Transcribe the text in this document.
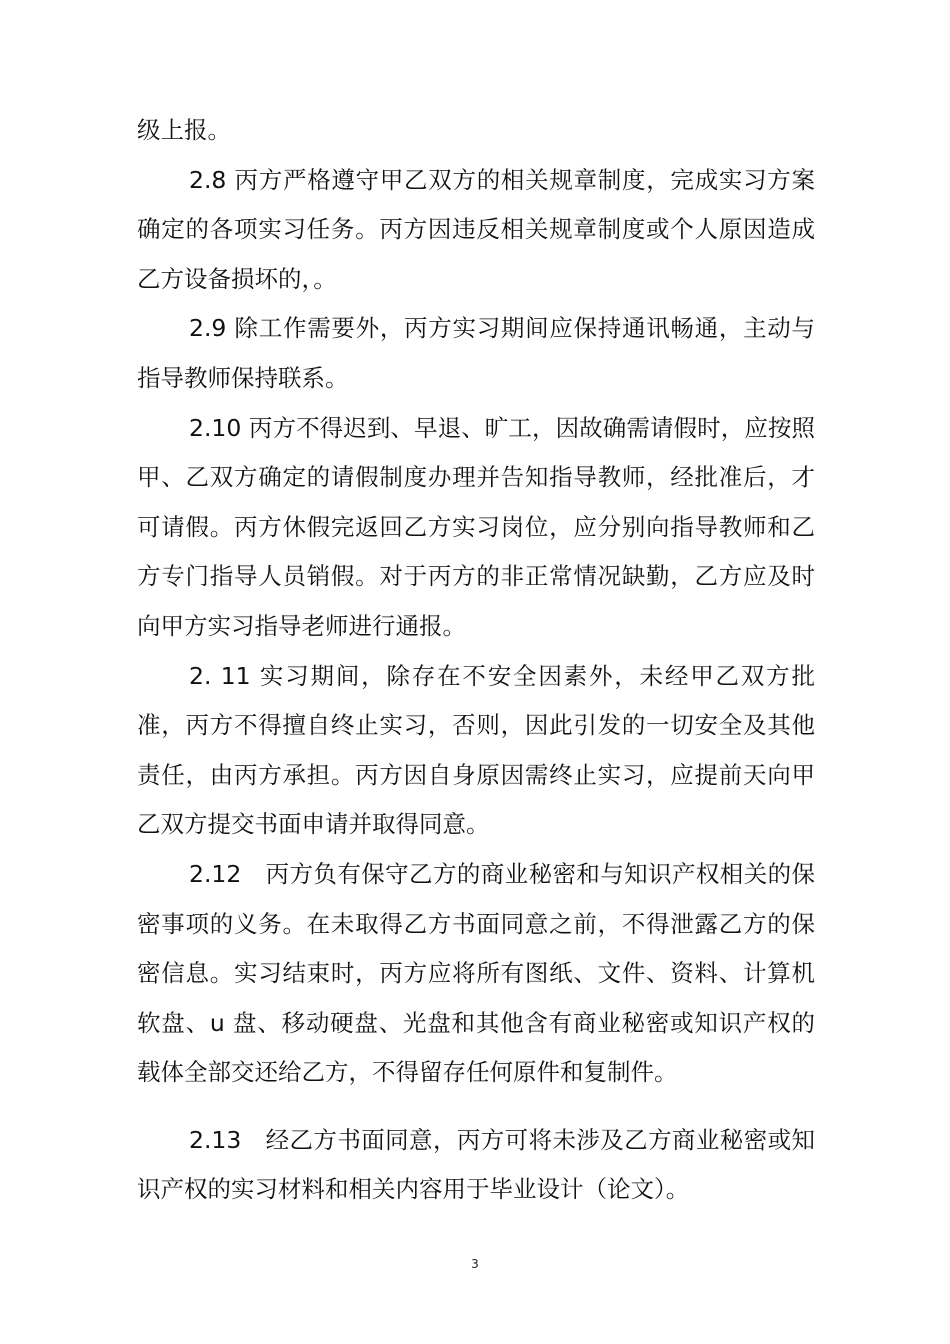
级上报。

2.8 丙方严格遵守甲乙双方的相关规章制度，完成实习方案确定的各项实习任务。丙方因违反相关规章制度或个人原因造成乙方设备损坏的，。

2.9 除工作需要外，丙方实习期间应保持通讯畅通，主动与指导教师保持联系。

2.10 丙方不得迟到、早退、旷工，因故确需请假时，应按照甲、乙双方确定的请假制度办理并告知指导教师，经批准后，才可请假。丙方休假完返回乙方实习岗位，应分别向指导教师和乙方专门指导人员销假。对于丙方的非正常情况缺勤，乙方应及时向甲方实习指导老师进行通报。

2. 11 实习期间，除存在不安全因素外，未经甲乙双方批准，丙方不得擅自终止实习，否则，因此引发的一切安全及其他责任，由丙方承担。丙方因自身原因需终止实习，应提前天向甲乙双方提交书面申请并取得同意。

2.12　丙方负有保守乙方的商业秘密和与知识产权相关的保密事项的义务。在未取得乙方书面同意之前，不得泄露乙方的保密信息。实习结束时，丙方应将所有图纸、文件、资料、计算机软盘、u 盘、移动硬盘、光盘和其他含有商业秘密或知识产权的载体全部交还给乙方，不得留存任何原件和复制件。

2.13　经乙方书面同意，丙方可将未涉及乙方商业秘密或知识产权的实习材料和相关内容用于毕业设计（论文）。

3
